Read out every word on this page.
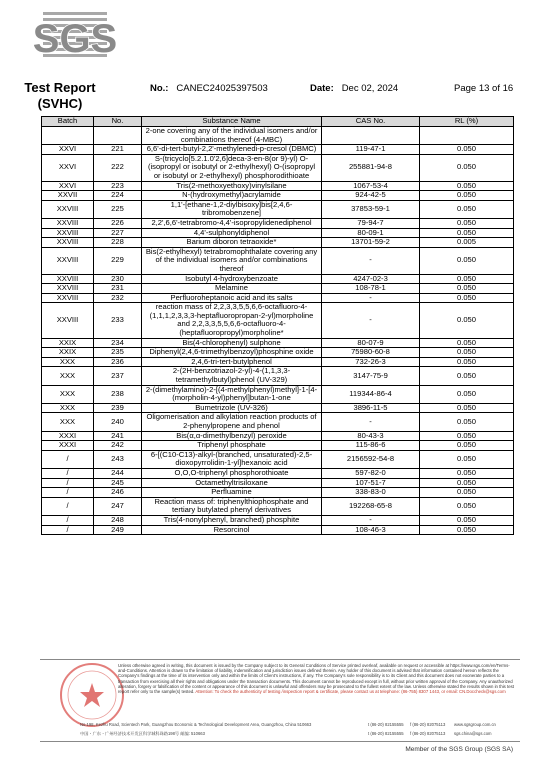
SGS
Test Report
(SVHC)
No.: CANEC24025397503	Date: Dec 02, 2024	Page 13 of 16
Batch	No.	Substance Name	CAS No.	RL (%)
		2-one covering any of the individual isomers and/or combinations thereof (4-MBC)		
XXVI	221	6,6'-di-tert-butyl-2,2'-methylenedi-p-cresol (DBMC)	119-47-1	0.050
XXVI	222	S-(tricyclo[5.2.1.0'2,6]deca-3-en-8(or 9)-yl) O-(isopropyl or isobutyl or 2-ethylhexyl) O-(isopropyl or isobutyl or 2-ethylhexyl) phosphorodithioate	255881-94-8	0.050
XXVI	223	Tris(2-methoxyethoxy)vinylsilane	1067-53-4	0.050
XXVII	224	N-(hydroxymethyl)acrylamide	924-42-5	0.050
XXVIII	225	1,1'-[ethane-1,2-diylbisoxy]bis[2,4,6-tribromobenzene]	37853-59-1	0.050
XXVIII	226	2,2',6,6'-tetrabromo-4,4'-isopropylidenediphenol	79-94-7	0.050
XXVIII	227	4,4'-sulphonyldiphenol	80-09-1	0.050
XXVIII	228	Barium diboron tetraoxide*	13701-59-2	0.005
XXVIII	229	Bis(2-ethylhexyl) tetrabromophthalate covering any of the individual isomers and/or combinations thereof	-	0.050
XXVIII	230	Isobutyl 4-hydroxybenzoate	4247-02-3	0.050
XXVIII	231	Melamine	108-78-1	0.050
XXVIII	232	Perfluoroheptanoic acid and its salts	-	0.050
XXVIII	233	reaction mass of 2,2,3,3,5,5,6,6-octafluoro-4-(1,1,1,2,3,3,3-heptafluoropropan-2-yl)morpholine and 2,2,3,3,5,5,6,6-octafluoro-4-(heptafluoropropyl)morpholine*	-	0.050
XXIX	234	Bis(4-chlorophenyl) sulphone	80-07-9	0.050
XXIX	235	Diphenyl(2,4,6-trimethylbenzoyl)phosphine oxide	75980-60-8	0.050
XXX	236	2,4,6-tri-tert-butylphenol	732-26-3	0.050
XXX	237	2-(2H-benzotriazol-2-yl)-4-(1,1,3,3-tetramethylbutyl)phenol (UV-329)	3147-75-9	0.050
XXX	238	2-(dimethylamino)-2-[(4-methylphenyl)methyl]-1-[4-(morpholin-4-yl)phenyl]butan-1-one	119344-86-4	0.050
XXX	239	Bumetrizole (UV-326)	3896-11-5	0.050
XXX	240	Oligomerisation and alkylation reaction products of 2-phenylpropene and phenol	-	0.050
XXXI	241	Bis(α,α-dimethylbenzyl) peroxide	80-43-3	0.050
XXXI	242	Triphenyl phosphate	115-86-6	0.050
/	243	6-[(C10-C13)-alkyl-(branched, unsaturated)-2,5-dioxopyrrolidin-1-yl]hexanoic acid	2156592-54-8	0.050
/	244	O,O,O-triphenyl phosphorothioate	597-82-0	0.050
/	245	Octamethyltrisiloxane	107-51-7	0.050
/	246	Perfluamine	338-83-0	0.050
/	247	Reaction mass of: triphenylthiophosphate and tertiary butylated phenyl derivatives	192268-65-8	0.050
/	248	Tris(4-nonylphenyl, branched) phosphite	-	0.050
/	249	Resorcinol	108-46-3	0.050
Unless otherwise agreed in writing, this document is issued by the Company subject to its General Conditions of Service printed overleaf, available on request or accessible at https://www.sgs.com/en/Terms-and-Conditions. Attention is drawn to the limitation of liability, indemnification and jurisdiction issues defined therein. Any holder of this document is advised that information contained hereon reflects the Company's findings at the time of its intervention only and within the limits of Client's instructions, if any. The Company's sole responsibility is to its Client and this document does not exonerate parties to a transaction from exercising all their rights and obligations under the transaction documents. This document cannot be reproduced except in full, without prior written approval of the Company. Any unauthorized alteration, forgery or falsification of the content or appearance of this document is unlawful and offenders may be prosecuted to the fullest extent of the law. Unless otherwise stated the results shown in this test report refer only to the sample(s) tested. Attention: To check the authenticity of testing /inspection report & certificate, please contact us at telephone: (86-755) 8307 1443, or email: CN.Doccheck@sgs.com
No.198, Kezhu Road, Scientech Park, Guangzhou Economic & Technological Development Area, Guangzhou, China 510663	t (86-20) 82155555 f (86-20) 82075113 www.sgsgroup.com.cn
中国・广东・广州经济技术开发区科学城科珠路198号 邮编: 510663	t (86-20) 82155555 f (86-20) 82075113 sgs.china@sgs.com
Member of the SGS Group (SGS SA)
